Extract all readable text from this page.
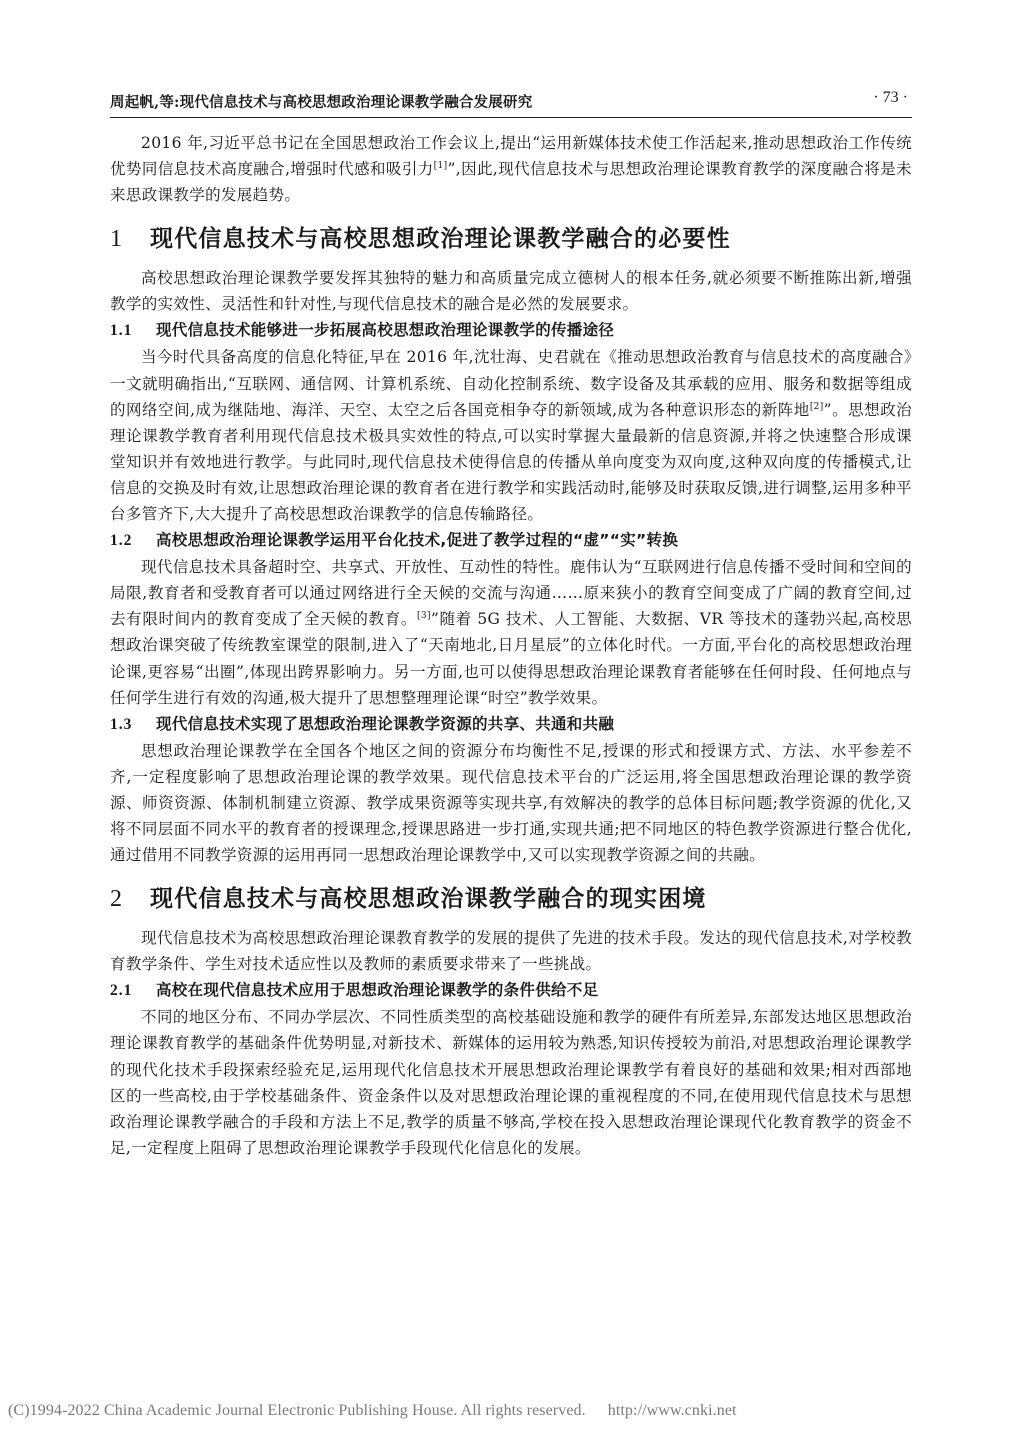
周起帆,等:现代信息技术与高校思想政治理论课教学融合发展研究	· 73 ·

2016 年,习近平总书记在全国思想政治工作会议上,提出“运用新媒体技术使工作活起来,推动思想政治工作传统优势同信息技术高度融合,增强时代感和吸引力[1]”,因此,现代信息技术与思想政治理论课教育教学的深度融合将是未来思政课教学的发展趋势。

1 现代信息技术与高校思想政治理论课教学融合的必要性

高校思想政治理论课教学要发挥其独特的魅力和高质量完成立德树人的根本任务,就必须要不断推陈出新,增强教学的实效性、灵活性和针对性,与现代信息技术的融合是必然的发展要求。

1.1 现代信息技术能够进一步拓展高校思想政治理论课教学的传播途径

当今时代具备高度的信息化特征,早在 2016 年,沈壮海、史君就在《推动思想政治教育与信息技术的高度融合》一文就明确指出,“互联网、通信网、计算机系统、自动化控制系统、数字设备及其承载的应用、服务和数据等组成的网络空间,成为继陆地、海洋、天空、太空之后各国竞相争夺的新领域,成为各种意识形态的新阵地[2]”。思想政治理论课教学教育者利用现代信息技术极具实效性的特点,可以实时掌握大量最新的信息资源,并将之快速整合形成课堂知识并有效地进行教学。与此同时,现代信息技术使得信息的传播从单向度变为双向度,这种双向度的传播模式,让信息的交换及时有效,让思想政治理论课的教育者在进行教学和实践活动时,能够及时获取反馈,进行调整,运用多种平台多管齐下,大大提升了高校思想政治课教学的信息传输路径。

1.2 高校思想政治理论课教学运用平台化技术,促进了教学过程的“虚”“实”转换

现代信息技术具备超时空、共享式、开放性、互动性的特性。鹿伟认为“互联网进行信息传播不受时间和空间的局限,教育者和受教育者可以通过网络进行全天候的交流与沟通……原来狭小的教育空间变成了广阔的教育空间,过去有限时间内的教育变成了全天候的教育。[3]”随着 5G 技术、人工智能、大数据、VR 等技术的蓬勃兴起,高校思想政治课突破了传统教室课堂的限制,进入了“天南地北,日月星辰”的立体化时代。一方面,平台化的高校思想政治理论课,更容易“出圈”,体现出跨界影响力。另一方面,也可以使得思想政治理论课教育者能够在任何时段、任何地点与任何学生进行有效的沟通,极大提升了思想整理理论课“时空”教学效果。

1.3 现代信息技术实现了思想政治理论课教学资源的共享、共通和共融

思想政治理论课教学在全国各个地区之间的资源分布均衡性不足,授课的形式和授课方式、方法、水平参差不齐,一定程度影响了思想政治理论课的教学效果。现代信息技术平台的广泛运用,将全国思想政治理论课的教学资源、师资资源、体制机制建立资源、教学成果资源等实现共享,有效解决的教学的总体目标问题;教学资源的优化,又将不同层面不同水平的教育者的授课理念,授课思路进一步打通,实现共通;把不同地区的特色教学资源进行整合优化,通过借用不同教学资源的运用再同一思想政治理论课教学中,又可以实现教学资源之间的共融。

2 现代信息技术与高校思想政治课教学融合的现实困境

现代信息技术为高校思想政治理论课教育教学的发展的提供了先进的技术手段。发达的现代信息技术,对学校教育教学条件、学生对技术适应性以及教师的素质要求带来了一些挑战。

2.1 高校在现代信息技术应用于思想政治理论课教学的条件供给不足

不同的地区分布、不同办学层次、不同性质类型的高校基础设施和教学的硬件有所差异,东部发达地区思想政治理论课教育教学的基础条件优势明显,对新技术、新媒体的运用较为熟悉,知识传授较为前沿,对思想政治理论课教学的现代化技术手段探索经验充足,运用现代化信息技术开展思想政治理论课教学有着良好的基础和效果;相对西部地区的一些高校,由于学校基础条件、资金条件以及对思想政治理论课的重视程度的不同,在使用现代信息技术与思想政治理论课教学融合的手段和方法上不足,教学的质量不够高,学校在投入思想政治理论课现代化教育教学的资金不足,一定程度上阻碍了思想政治理论课教学手段现代化信息化的发展。

(C)1994-2022 China Academic Journal Electronic Publishing House. All rights reserved. http://www.cnki.net
